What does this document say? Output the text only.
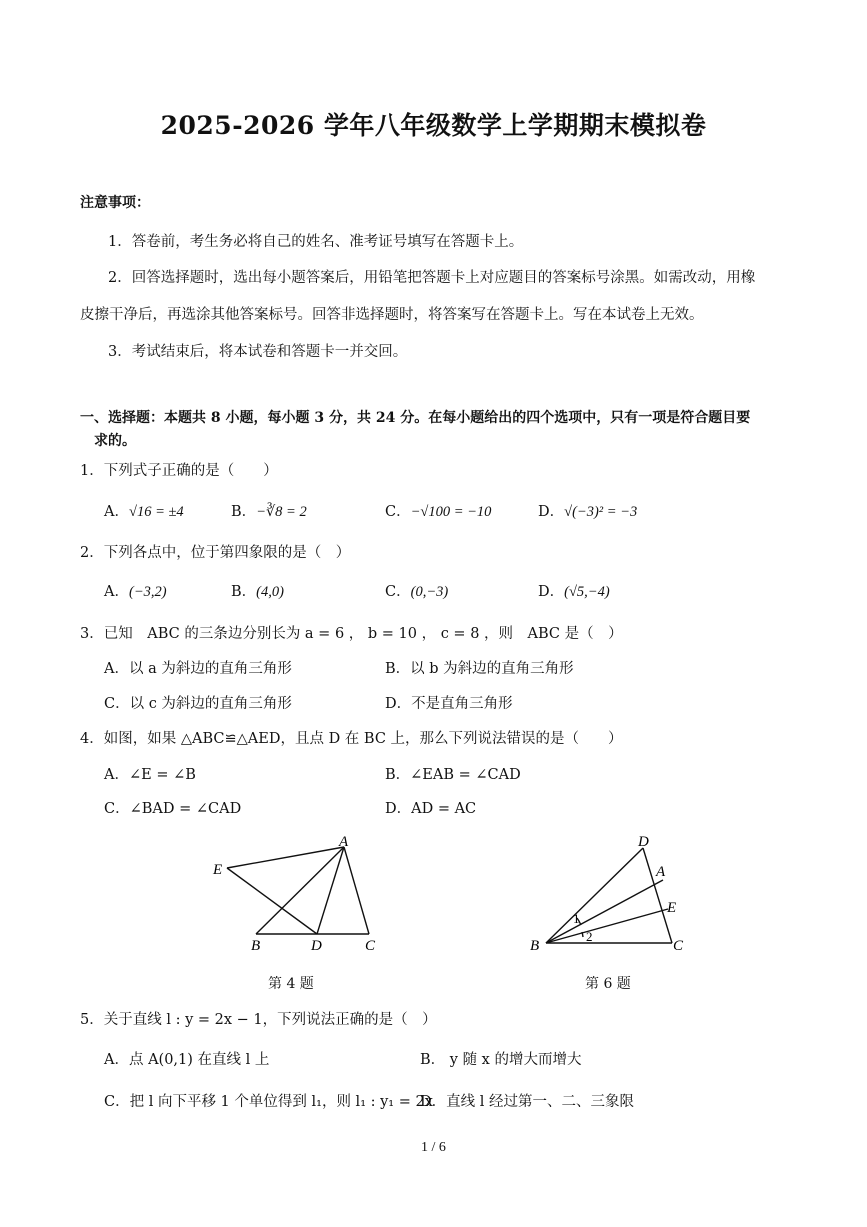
2025-2026 学年八年级数学上学期期末模拟卷
注意事项：
1．答卷前，考生务必将自己的姓名、准考证号填写在答题卡上。
2．回答选择题时，选出每小题答案后，用铅笔把答题卡上对应题目的答案标号涂黑。如需改动，用橡
皮擦干净后，再选涂其他答案标号。回答非选择题时，将答案写在答题卡上。写在本试卷上无效。
3．考试结束后，将本试卷和答题卡一并交回。
一、选择题：本题共 8 小题，每小题 3 分，共 24 分。在每小题给出的四个选项中，只有一项是符合题目要
求的。
1．下列式子正确的是（　　）
A．√16 = ±4	B．−∛8 = 2	C．−√100 = −10	D．√(−3)² = −3
2．下列各点中，位于第四象限的是（　）
A．(−3,2)	B．(4,0)	C．(0,−3)	D．(√5,−4)
3．已知　ABC 的三条边分别长为 a = 6 ， b = 10 ， c = 8 ，则　ABC 是（　）
A．以 a 为斜边的直角三角形	B．以 b 为斜边的直角三角形
C．以 c 为斜边的直角三角形	D．不是直角三角形
4．如图，如果 △ABC≌△AED，且点 D 在 BC 上，那么下列说法错误的是（　　）
A．∠E = ∠B	B．∠EAB = ∠CAD
C．∠BAD = ∠CAD	D．AD = AC
A
E
B	D	C
第 4 题
D
A
E
B	C
1
2
第 6 题
5．关于直线 l : y = 2x − 1，下列说法正确的是（　）
A．点 A(0,1) 在直线 l 上	B． y 随 x 的增大而增大
C．把 l 向下平移 1 个单位得到 l₁，则 l₁ : y₁ = 2x
D．直线 l 经过第一、二、三象限
1 / 6
